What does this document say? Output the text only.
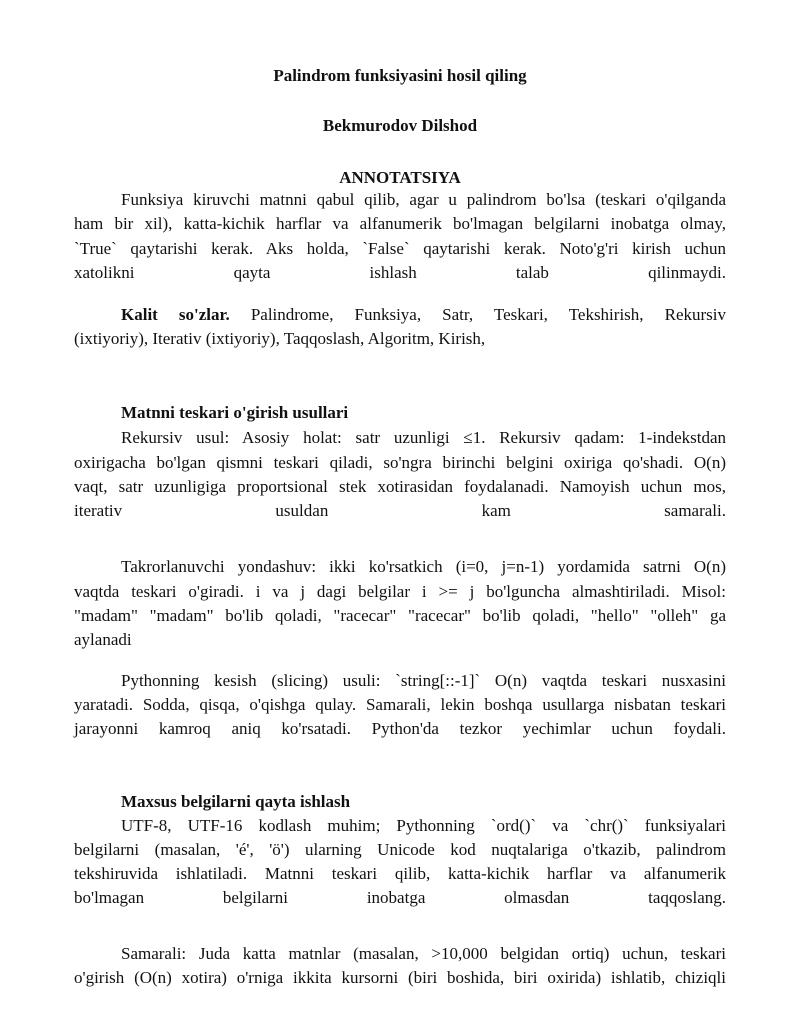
Palindrom funksiyasini hosil qiling
Bekmurodov Dilshod
ANNOTATSIYA
Funksiya kiruvchi matnni qabul qilib, agar u palindrom bo'lsa (teskari o'qilganda
ham bir xil), katta-kichik harflar va alfanumerik bo'lmagan belgilarni inobatga olmay,
`True` qaytarishi kerak. Aks holda, `False` qaytarishi kerak. Noto'g'ri kirish uchun
xatolikni qayta ishlash talab qilinmaydi.
Kalit so'zlar. Palindrome, Funksiya, Satr, Teskari, Tekshirish, Rekursiv
(ixtiyoriy), Iterativ (ixtiyoriy), Taqqoslash, Algoritm, Kirish,
Matnni teskari o'girish usullari
Rekursiv usul: Asosiy holat: satr uzunligi ≤1. Rekursiv qadam: 1-indekstdan
oxirigacha bo'lgan qismni teskari qiladi, so'ngra birinchi belgini oxiriga qo'shadi. O(n)
vaqt, satr uzunligiga proportsional stek xotirasidan foydalanadi. Namoyish uchun mos,
iterativ usuldan kam samarali.
Takrorlanuvchi yondashuv: ikki ko'rsatkich (i=0, j=n-1) yordamida satrni O(n)
vaqtda teskari o'giradi. i va j dagi belgilar i >= j bo'lguncha almashtiriladi. Misol:
"madam" "madam" bo'lib qoladi, "racecar" "racecar" bo'lib qoladi, "hello" "olleh" ga
aylanadi
Pythonning kesish (slicing) usuli: `string[::-1]` O(n) vaqtda teskari nusxasini
yaratadi. Sodda, qisqa, o'qishga qulay. Samarali, lekin boshqa usullarga nisbatan teskari
jarayonni kamroq aniq ko'rsatadi. Python'da tezkor yechimlar uchun foydali.
Maxsus belgilarni qayta ishlash
UTF-8, UTF-16 kodlash muhim; Pythonning `ord()` va `chr()` funksiyalari
belgilarni (masalan, 'é', 'ö') ularning Unicode kod nuqtalariga o'tkazib, palindrom
tekshiruvida ishlatiladi. Matnni teskari qilib, katta-kichik harflar va alfanumerik
bo'lmagan belgilarni inobatga olmasdan taqqoslang.
Samarali: Juda katta matnlar (masalan, >10,000 belgidan ortiq) uchun, teskari
o'girish (O(n) xotira) o'rniga ikkita kursorni (biri boshida, biri oxirida) ishlatib, chiziqli
